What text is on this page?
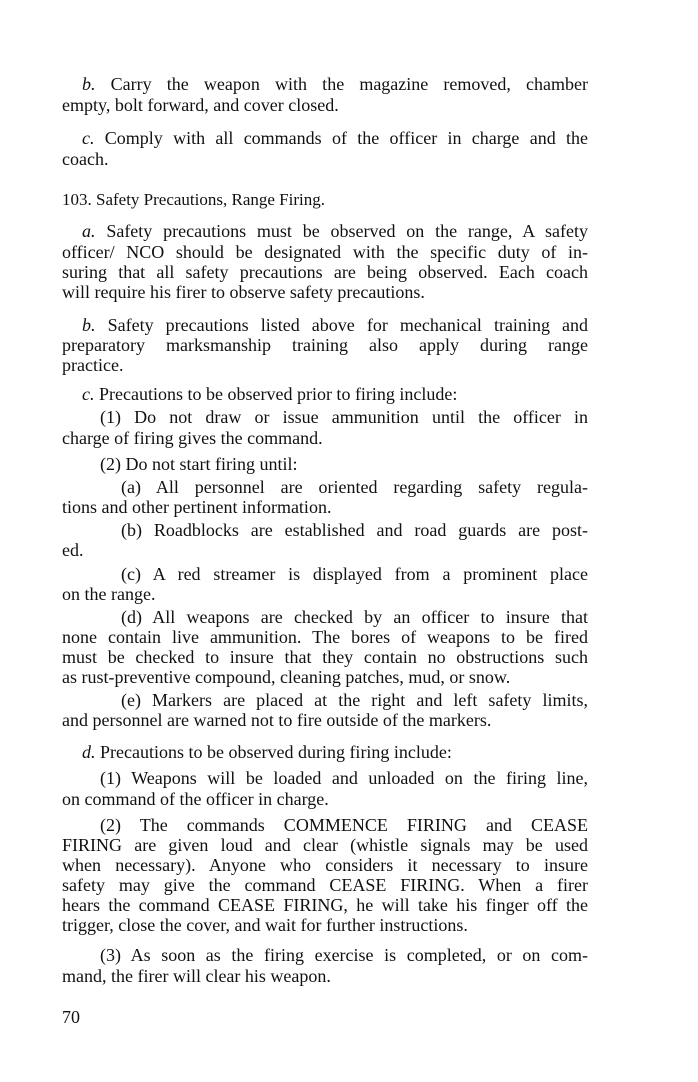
b. Carry the weapon with the magazine removed, chamber
empty, bolt forward, and cover closed.
c. Comply with all commands of the officer in charge and the
coach.
103. Safety Precautions, Range Firing.
a. Safety precautions must be observed on the range, A safety
officer/ NCO should be designated with the specific duty of in-
suring that all safety precautions are being observed. Each coach
will require his firer to observe safety precautions.
b. Safety precautions listed above for mechanical training and
preparatory marksmanship training also apply during range
practice.
c. Precautions to be observed prior to firing include:
(1) Do not draw or issue ammunition until the officer in
charge of firing gives the command.
(2) Do not start firing until:
(a) All personnel are oriented regarding safety regula-
tions and other pertinent information.
(b) Roadblocks are established and road guards are post-
ed.
(c) A red streamer is displayed from a prominent place
on the range.
(d) All weapons are checked by an officer to insure that
none contain live ammunition. The bores of weapons to be fired
must be checked to insure that they contain no obstructions such
as rust-preventive compound, cleaning patches, mud, or snow.
(e) Markers are placed at the right and left safety limits,
and personnel are warned not to fire outside of the markers.
d. Precautions to be observed during firing include:
(1) Weapons will be loaded and unloaded on the firing line,
on command of the officer in charge.
(2) The commands COMMENCE FIRING and CEASE
FIRING are given loud and clear (whistle signals may be used
when necessary). Anyone who considers it necessary to insure
safety may give the command CEASE FIRING. When a firer
hears the command CEASE FIRING, he will take his finger off the
trigger, close the cover, and wait for further instructions.
(3) As soon as the firing exercise is completed, or on com-
mand, the firer will clear his weapon.
70
